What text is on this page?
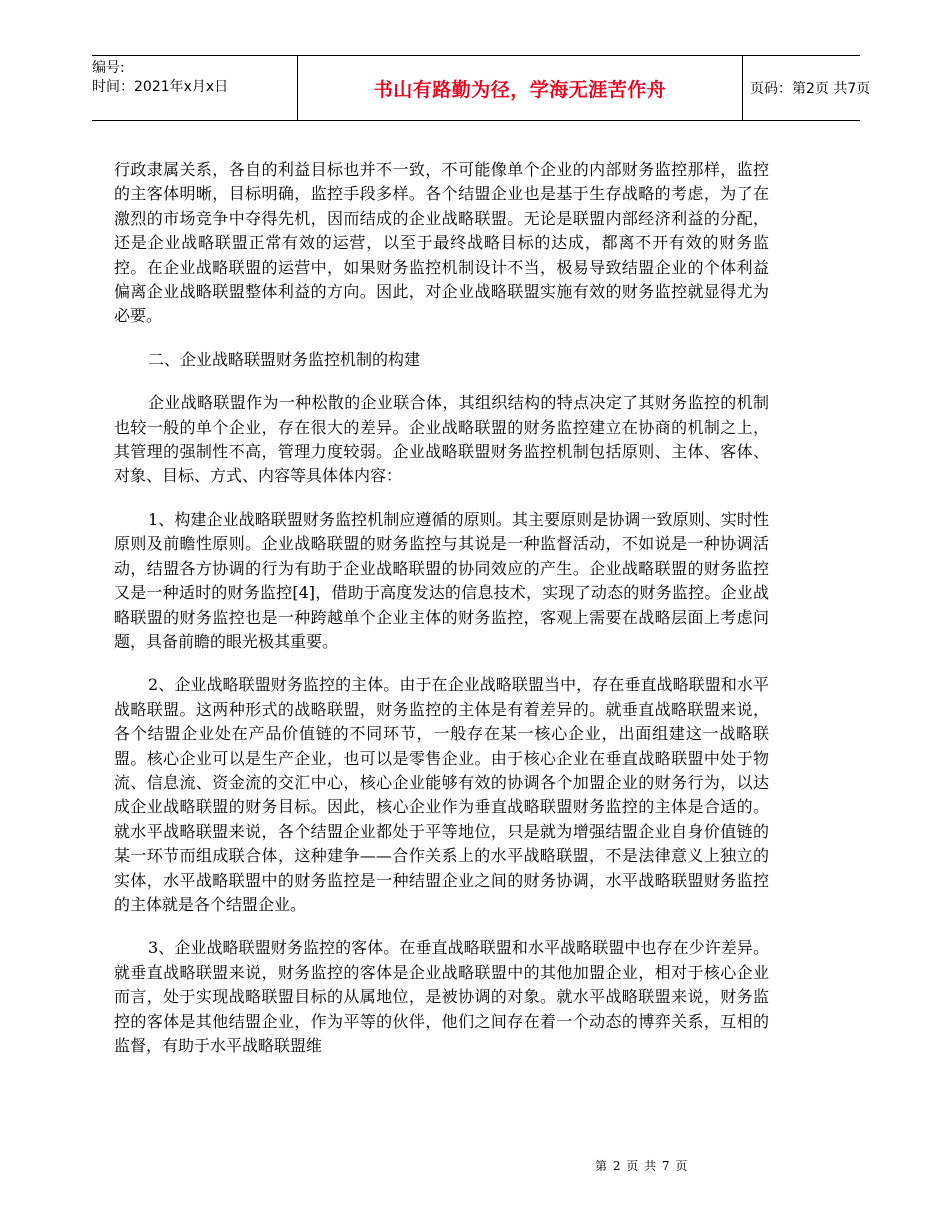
编号:
时间：2021年x月x日	书山有路勤为径，学海无涯苦作舟	页码：第2页 共7页

行政隶属关系，各自的利益目标也并不一致，不可能像单个企业的内部财务监控那样，监控的主客体明晰，目标明确，监控手段多样。各个结盟企业也是基于生存战略的考虑，为了在激烈的市场竞争中夺得先机，因而结成的企业战略联盟。无论是联盟内部经济利益的分配，还是企业战略联盟正常有效的运营，以至于最终战略目标的达成，都离不开有效的财务监控。在企业战略联盟的运营中，如果财务监控机制设计不当，极易导致结盟企业的个体利益偏离企业战略联盟整体利益的方向。因此，对企业战略联盟实施有效的财务监控就显得尤为必要。

二、企业战略联盟财务监控机制的构建

企业战略联盟作为一种松散的企业联合体，其组织结构的特点决定了其财务监控的机制也较一般的单个企业，存在很大的差异。企业战略联盟的财务监控建立在协商的机制之上，其管理的强制性不高，管理力度较弱。企业战略联盟财务监控机制包括原则、主体、客体、对象、目标、方式、内容等具体体内容：

1、构建企业战略联盟财务监控机制应遵循的原则。其主要原则是协调一致原则、实时性原则及前瞻性原则。企业战略联盟的财务监控与其说是一种监督活动，不如说是一种协调活动，结盟各方协调的行为有助于企业战略联盟的协同效应的产生。企业战略联盟的财务监控又是一种适时的财务监控[4]，借助于高度发达的信息技术，实现了动态的财务监控。企业战略联盟的财务监控也是一种跨越单个企业主体的财务监控，客观上需要在战略层面上考虑问题，具备前瞻的眼光极其重要。

2、企业战略联盟财务监控的主体。由于在企业战略联盟当中，存在垂直战略联盟和水平战略联盟。这两种形式的战略联盟，财务监控的主体是有着差异的。就垂直战略联盟来说，各个结盟企业处在产品价值链的不同环节，一般存在某一核心企业，出面组建这一战略联盟。核心企业可以是生产企业，也可以是零售企业。由于核心企业在垂直战略联盟中处于物流、信息流、资金流的交汇中心，核心企业能够有效的协调各个加盟企业的财务行为，以达成企业战略联盟的财务目标。因此，核心企业作为垂直战略联盟财务监控的主体是合适的。就水平战略联盟来说，各个结盟企业都处于平等地位，只是就为增强结盟企业自身价值链的某一环节而组成联合体，这种建争——合作关系上的水平战略联盟，不是法律意义上独立的实体，水平战略联盟中的财务监控是一种结盟企业之间的财务协调，水平战略联盟财务监控的主体就是各个结盟企业。

3、企业战略联盟财务监控的客体。在垂直战略联盟和水平战略联盟中也存在少许差异。就垂直战略联盟来说，财务监控的客体是企业战略联盟中的其他加盟企业，相对于核心企业而言，处于实现战略联盟目标的从属地位，是被协调的对象。就水平战略联盟来说，财务监控的客体是其他结盟企业，作为平等的伙伴，他们之间存在着一个动态的博弈关系，互相的监督，有助于水平战略联盟维

第 2 页 共 7 页
